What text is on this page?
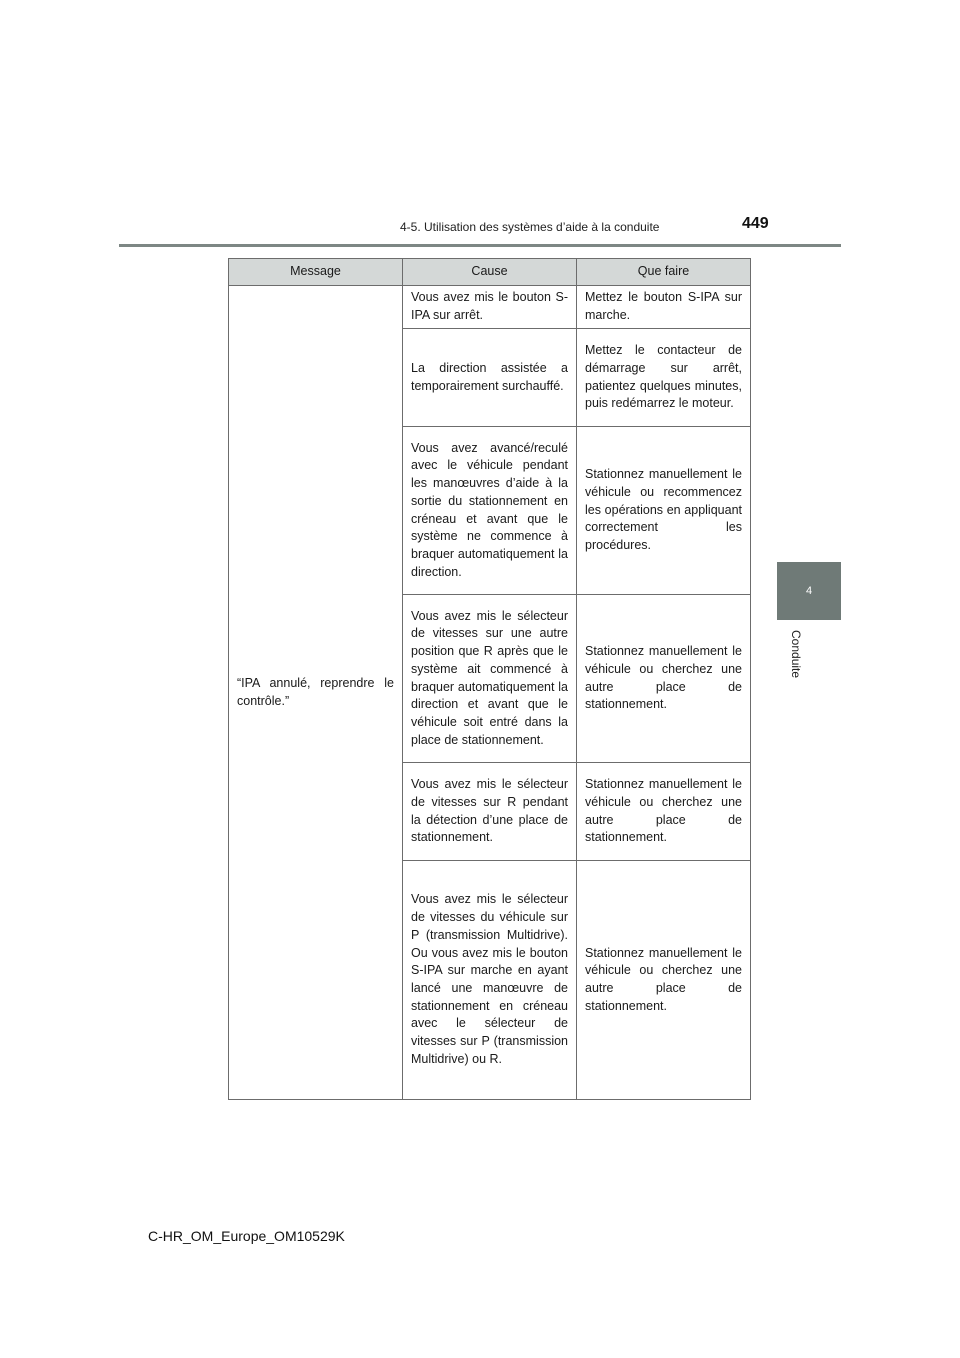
4-5. Utilisation des systèmes d’aide à la conduite	449
4
Conduite
Message	Cause	Que faire
“IPA annulé, reprendre le contrôle.”	Vous avez mis le bouton S-IPA sur arrêt.	Mettez le bouton S-IPA sur marche.
	La direction assistée a temporairement surchauffé.	Mettez le contacteur de démarrage sur arrêt, patientez quelques minutes, puis redémarrez le moteur.
	Vous avez avancé/reculé avec le véhicule pendant les manœuvres d’aide à la sortie du stationnement en créneau et avant que le système ne commence à braquer automatiquement la direction.	Stationnez manuellement le véhicule ou recommencez les opérations en appliquant correctement les procédures.
	Vous avez mis le sélecteur de vitesses sur une autre position que R après que le système ait commencé à braquer automatiquement la direction et avant que le véhicule soit entré dans la place de stationnement.	Stationnez manuellement le véhicule ou cherchez une autre place de stationnement.
	Vous avez mis le sélecteur de vitesses sur R pendant la détection d’une place de stationnement.	Stationnez manuellement le véhicule ou cherchez une autre place de stationnement.
	Vous avez mis le sélecteur de vitesses du véhicule sur P (transmission Multidrive). Ou vous avez mis le bouton S-IPA sur marche en ayant lancé une manœuvre de stationnement en créneau avec le sélecteur de vitesses sur P (transmission Multidrive) ou R.	Stationnez manuellement le véhicule ou cherchez une autre place de stationnement.
C-HR_OM_Europe_OM10529K
